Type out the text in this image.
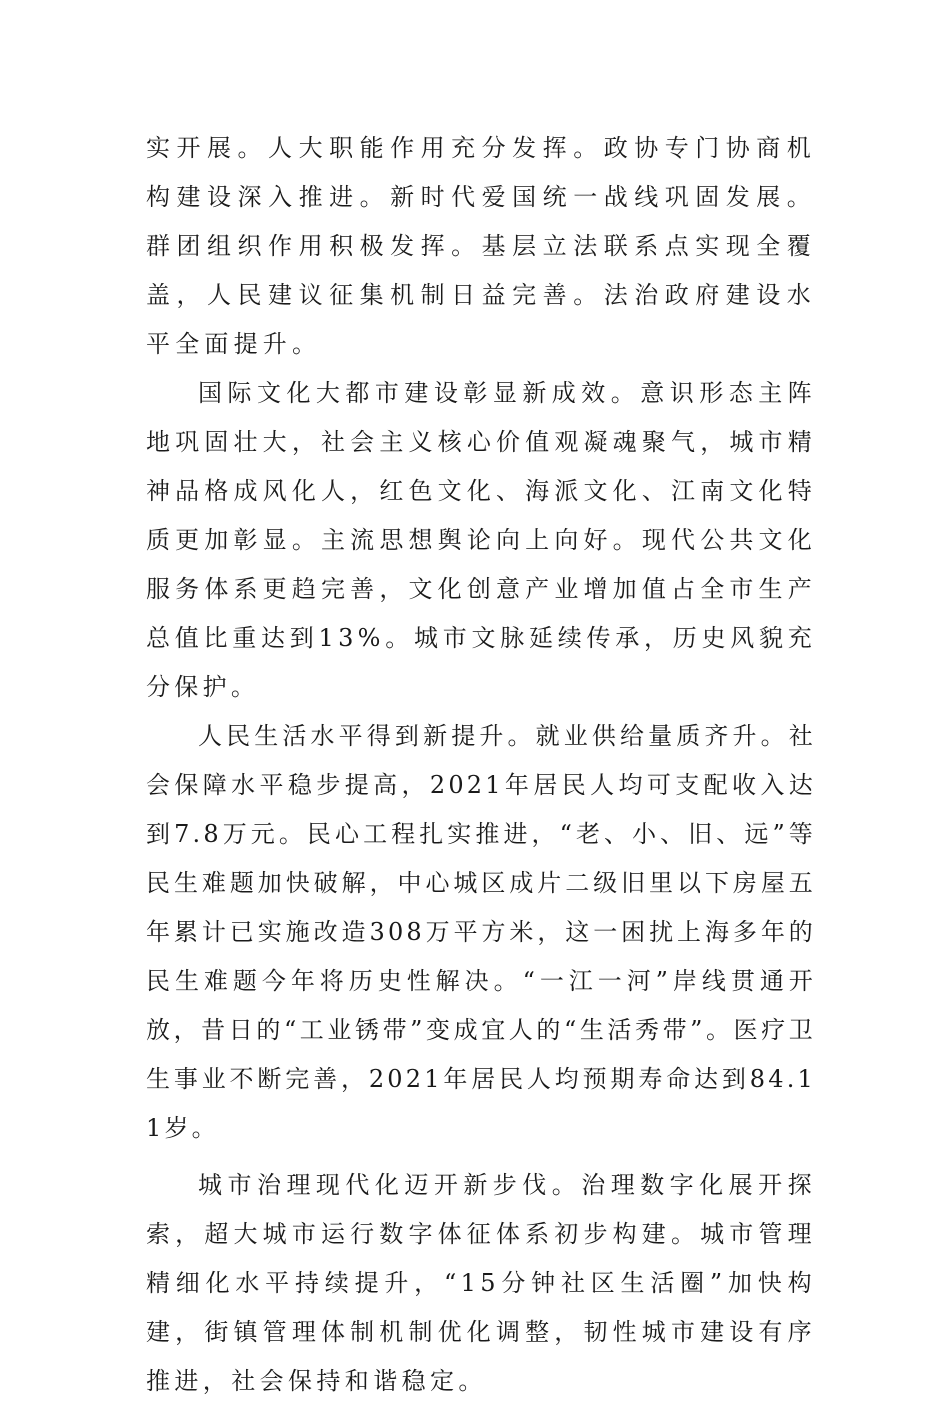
实开展。人大职能作用充分发挥。政协专门协商机构建设深入推进。新时代爱国统一战线巩固发展。群团组织作用积极发挥。基层立法联系点实现全覆盖，人民建议征集机制日益完善。法治政府建设水平全面提升。

国际文化大都市建设彰显新成效。意识形态主阵地巩固壮大，社会主义核心价值观凝魂聚气，城市精神品格成风化人，红色文化、海派文化、江南文化特质更加彰显。主流思想舆论向上向好。现代公共文化服务体系更趋完善，文化创意产业增加值占全市生产总值比重达到13%。城市文脉延续传承，历史风貌充分保护。

人民生活水平得到新提升。就业供给量质齐升。社会保障水平稳步提高，2021年居民人均可支配收入达到7.8万元。民心工程扎实推进，“老、小、旧、远”等民生难题加快破解，中心城区成片二级旧里以下房屋五年累计已实施改造308万平方米，这一困扰上海多年的民生难题今年将历史性解决。“一江一河”岸线贯通开放，昔日的“工业锈带”变成宜人的“生活秀带”。医疗卫生事业不断完善，2021年居民人均预期寿命达到84.11岁。

城市治理现代化迈开新步伐。治理数字化展开探索，超大城市运行数字体征体系初步构建。城市管理精细化水平持续提升，“15分钟社区生活圈”加快构建，街镇管理体制机制优化调整，韧性城市建设有序推进，社会保持和谐稳定。
